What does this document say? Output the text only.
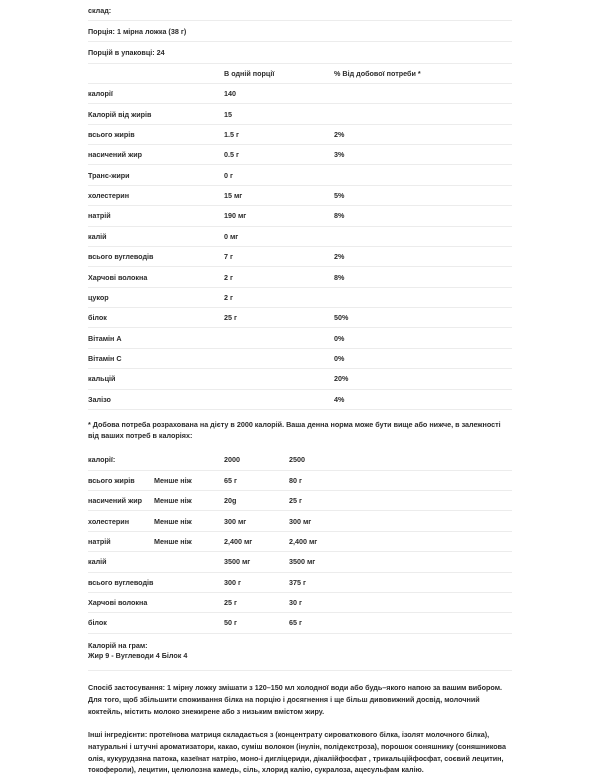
склад:
Порція: 1 мірна ложка (38 г)
Порцій в упаковці: 24
	В одній порції	% Від добової потреби *
калорії	140	
Калорій від жирів	15	
всього жирів	1.5 г	2%
насичений жир	0.5 г	3%
Транс-жири	0 г	
холестерин	15 мг	5%
натрій	190 мг	8%
калій	0 мг	
всього вуглеводів	7 г	2%
Харчові волокна	2 г	8%
цукор	2 г	
білок	25 г	50%
Вітамін A		0%
Вітамін C		0%
кальцій		20%
Залізо		4%
* Добова потреба розрахована на дієту в 2000 калорій. Ваша денна норма може бути вище або нижче, в залежності від ваших потреб в калоріях:
калорії:		2000	2500
всього жирів	Менше ніж	65 г	80 г
насичений жир	Менше ніж	20g	25 г
холестерин	Менше ніж	300 мг	300 мг
натрій	Менше ніж	2,400 мг	2,400 мг
калій		3500 мг	3500 мг
всього вуглеводів		300 г	375 г
Харчові волокна		25 г	30 г
білок		50 г	65 г
Калорій на грам:
Жир 9 - Вуглеводи 4 Білок 4
Спосіб застосування: 1 мірну ложку змішати з 120–150 мл холодної води або будь–якого напою за вашим вибором. Для того, щоб збільшити споживання білка на порцію і досягнення і ще більш дивовижний досвід, молочний коктейль, містить молоко знежирене або з низьким вмістом жиру.
Інші інгредієнти: протеїнова матриця складається з (концентрату сироваткового білка, ізолят молочного білка), натуральні і штучні ароматизатори, какао, суміш волокон (інулін, полідекстроза), порошок соняшнику (соняшникова олія, кукурудзяна патока, казеїнат натрію, моно-і дигліцериди, дікалійфосфат , трикальційфосфат, соєвий лецитин, токофероли), лецитин, целюлозна камедь, сіль, хлорид калію, сукралоза, ацесульфам калію.
